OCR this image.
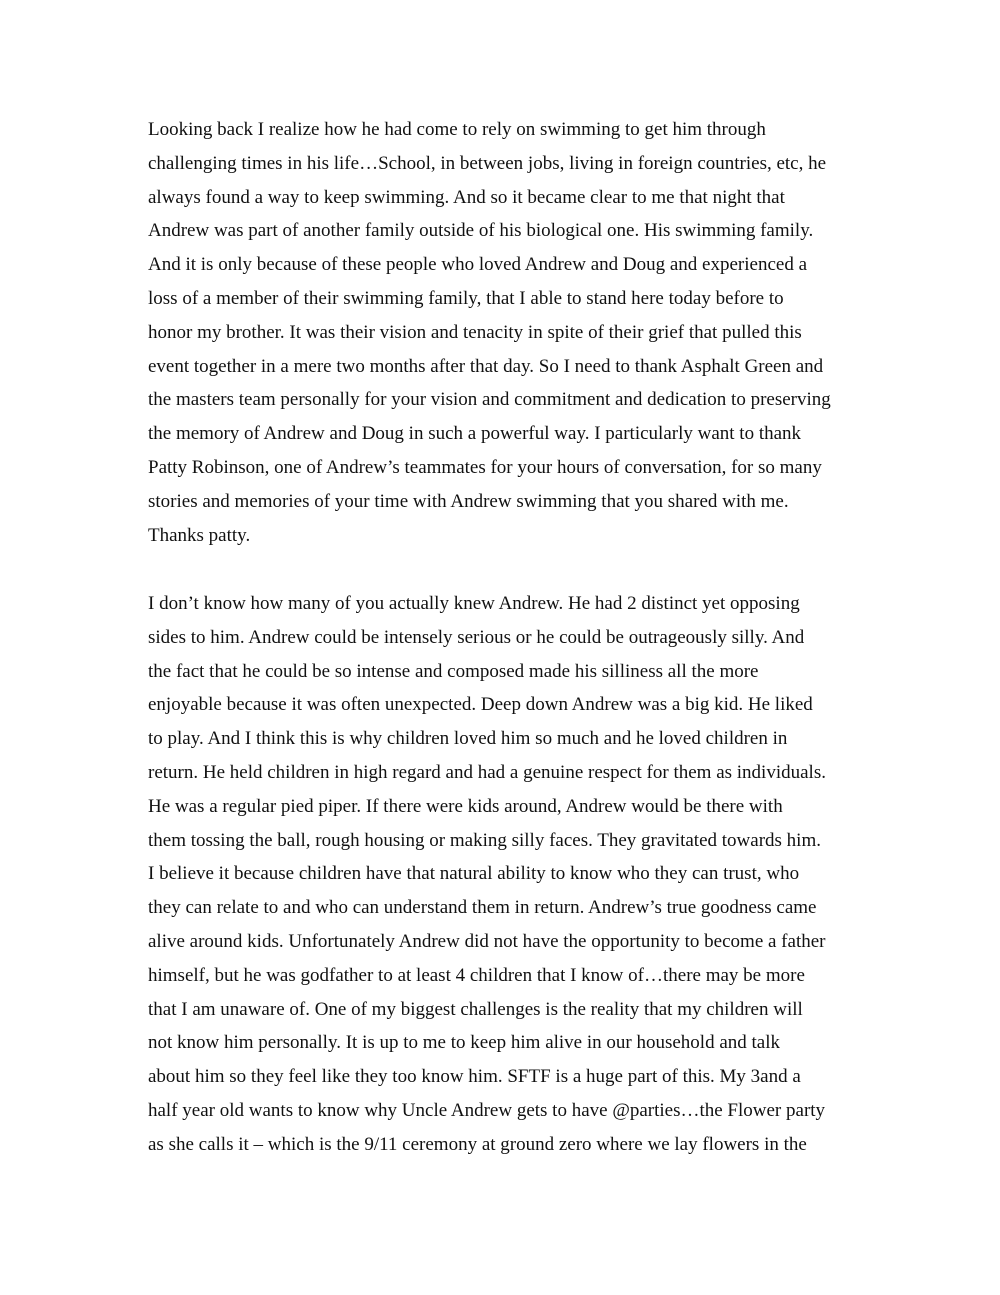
Looking back I realize how he had come to rely on swimming to get him through
challenging times in his life…School, in between jobs, living in foreign countries, etc, he
always found a way to keep swimming. And so it became clear to me that night that
Andrew was part of another family outside of his biological one. His swimming family.
And it is only because of these people who loved Andrew and Doug and experienced a
loss of a member of their swimming family, that I able to stand here today before to
honor my brother. It was their vision and tenacity in spite of their grief that pulled this
event together in a mere two months after that day. So I need to thank Asphalt Green and
the masters team personally for your vision and commitment and dedication to preserving
the memory of Andrew and Doug in such a powerful way. I particularly want to thank
Patty Robinson, one of Andrew’s teammates for your hours of conversation, for so many
stories and memories of your time with Andrew swimming that you shared with me.
Thanks patty.

I don’t know how many of you actually knew Andrew. He had 2 distinct yet opposing
sides to him. Andrew could be intensely serious or he could be outrageously silly. And
the fact that he could be so intense and composed made his silliness all the more
enjoyable because it was often unexpected. Deep down Andrew was a big kid. He liked
to play. And I think this is why children loved him so much and he loved children in
return. He held children in high regard and had a genuine respect for them as individuals.
He was a regular pied piper. If there were kids around, Andrew would be there with
them tossing the ball, rough housing or making silly faces. They gravitated towards him.
I believe it because children have that natural ability to know who they can trust, who
they can relate to and who can understand them in return. Andrew’s true goodness came
alive around kids. Unfortunately Andrew did not have the opportunity to become a father
himself, but he was godfather to at least 4 children that I know of…there may be more
that I am unaware of. One of my biggest challenges is the reality that my children will
not know him personally. It is up to me to keep him alive in our household and talk
about him so they feel like they too know him. SFTF is a huge part of this. My 3and a
half year old wants to know why Uncle Andrew gets to have @parties…the Flower party
as she calls it – which is the 9/11 ceremony at ground zero where we lay flowers in the
